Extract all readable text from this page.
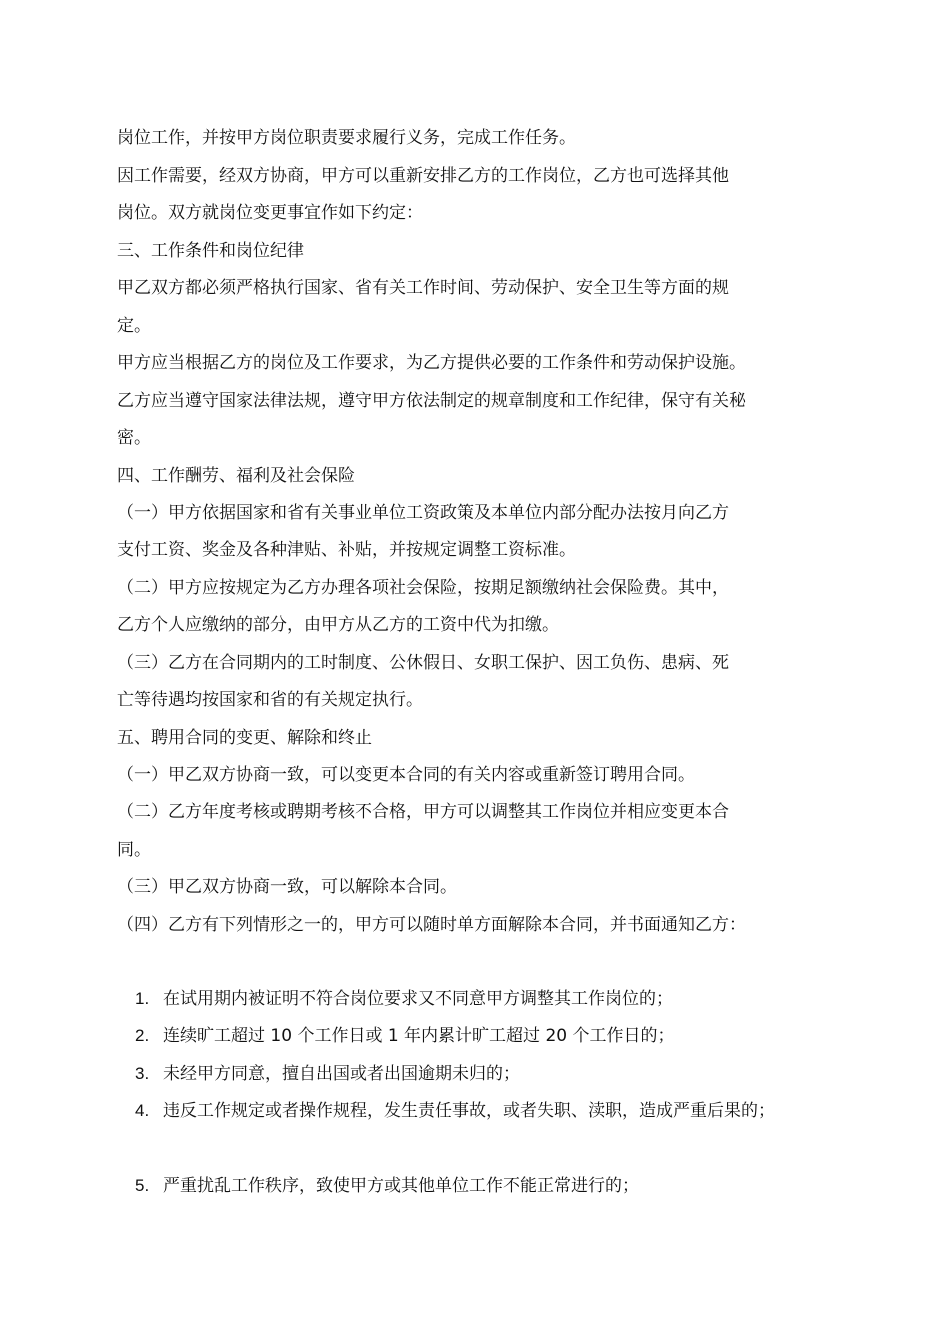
岗位工作，并按甲方岗位职责要求履行义务，完成工作任务。
因工作需要，经双方协商，甲方可以重新安排乙方的工作岗位，乙方也可选择其他
岗位。双方就岗位变更事宜作如下约定：
三、工作条件和岗位纪律
甲乙双方都必须严格执行国家、省有关工作时间、劳动保护、安全卫生等方面的规
定。
甲方应当根据乙方的岗位及工作要求，为乙方提供必要的工作条件和劳动保护设施。
乙方应当遵守国家法律法规，遵守甲方依法制定的规章制度和工作纪律，保守有关秘
密。
四、工作酬劳、福利及社会保险
（一）甲方依据国家和省有关事业单位工资政策及本单位内部分配办法按月向乙方
支付工资、奖金及各种津贴、补贴，并按规定调整工资标准。
（二）甲方应按规定为乙方办理各项社会保险，按期足额缴纳社会保险费。其中，
乙方个人应缴纳的部分，由甲方从乙方的工资中代为扣缴。
（三）乙方在合同期内的工时制度、公休假日、女职工保护、因工负伤、患病、死
亡等待遇均按国家和省的有关规定执行。
五、聘用合同的变更、解除和终止
（一）甲乙双方协商一致，可以变更本合同的有关内容或重新签订聘用合同。
（二）乙方年度考核或聘期考核不合格，甲方可以调整其工作岗位并相应变更本合
同。
（三）甲乙双方协商一致，可以解除本合同。
（四）乙方有下列情形之一的，甲方可以随时单方面解除本合同，并书面通知乙方：
1. 在试用期内被证明不符合岗位要求又不同意甲方调整其工作岗位的；
2. 连续旷工超过 10 个工作日或 1 年内累计旷工超过 20 个工作日的；
3. 未经甲方同意，擅自出国或者出国逾期未归的；
4. 违反工作规定或者操作规程，发生责任事故，或者失职、渎职，造成严重后果的；
5. 严重扰乱工作秩序，致使甲方或其他单位工作不能正常进行的；
